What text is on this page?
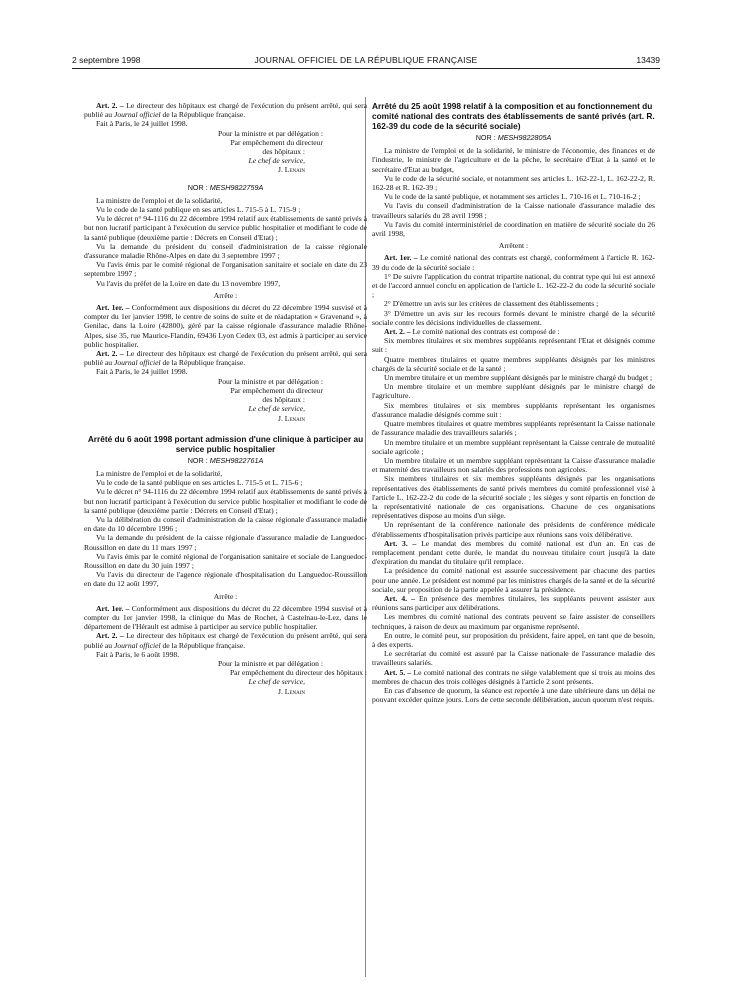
2 septembre 1998	JOURNAL OFFICIEL DE LA RÉPUBLIQUE FRANÇAISE	13439

Art. 2. – Le directeur des hôpitaux est chargé de l'exécution du présent arrêté, qui sera publié au Journal officiel de la République française.

Fait à Paris, le 24 juillet 1998.

Pour la ministre et par délégation :

Par empêchement du directeur

des hôpitaux :

Le chef de service,

J. Lenain

NOR : MESH9822759A

La ministre de l'emploi et de la solidarité,

Vu le code de la santé publique en ses articles L. 715-5 à L. 715-9 ;

Vu le décret n° 94-1116 du 22 décembre 1994 relatif aux établissements de santé privés à but non lucratif participant à l'exécution du service public hospitalier et modifiant le code de la santé publique (deuxième partie : Décrets en Conseil d'Etat) ;

Vu la demande du président du conseil d'administration de la caisse régionale d'assurance maladie Rhône-Alpes en date du 3 septembre 1997 ;

Vu l'avis émis par le comité régional de l'organisation sanitaire et sociale en date du 23 septembre 1997 ;

Vu l'avis du préfet de la Loire en date du 13 novembre 1997,

Arrête :

Art. 1er. – Conformément aux dispositions du décret du 22 décembre 1994 susvisé et à compter du 1er janvier 1998, le centre de soins de suite et de réadaptation « Gravenand », à Genilac, dans la Loire (42800), géré par la caisse régionale d'assurance maladie Rhône-Alpes, sise 35, rue Maurice-Flandin, 69436 Lyon Cedex 03, est admis à participer au service public hospitalier.

Art. 2. – Le directeur des hôpitaux est chargé de l'exécution du présent arrêté, qui sera publié au Journal officiel de la République française.

Fait à Paris, le 24 juillet 1998.

Pour la ministre et par délégation :

Par empêchement du directeur

des hôpitaux :

Le chef de service,

J. Lenain

Arrêté du 6 août 1998 portant admission d'une clinique à participer au service public hospitalier

NOR : MESH9822761A

La ministre de l'emploi et de la solidarité,

Vu le code de la santé publique en ses articles L. 715-5 et L. 715-6 ;

Vu le décret n° 94-1116 du 22 décembre 1994 relatif aux établissements de santé privés à but non lucratif participant à l'exécution du service public hospitalier et modifiant le code de la santé publique (deuxième partie : Décrets en Conseil d'Etat) ;

Vu la délibération du conseil d'administration de la caisse régionale d'assurance maladie en date du 10 décembre 1996 ;

Vu la demande du président de la caisse régionale d'assurance maladie de Languedoc-Roussillon en date du 11 mars 1997 ;

Vu l'avis émis par le comité régional de l'organisation sanitaire et sociale de Languedoc-Roussillon en date du 30 juin 1997 ;

Vu l'avis du directeur de l'agence régionale d'hospitalisation du Languedoc-Roussillon en date du 12 août 1997,

Arrête :

Art. 1er. – Conformément aux dispositions du décret du 22 décembre 1994 susvisé et à compter du 1er janvier 1998, la clinique du Mas de Rochet, à Castelnau-le-Lez, dans le département de l'Hérault est admise à participer au service public hospitalier.

Art. 2. – Le directeur des hôpitaux est chargé de l'exécution du présent arrêté, qui sera publié au Journal officiel de la République française.

Fait à Paris, le 6 août 1998.

Pour la ministre et par délégation :

Par empêchement du directeur des hôpitaux :

Le chef de service,

J. Lenain

Arrêté du 25 août 1998 relatif à la composition et au fonctionnement du comité national des contrats des établissements de santé privés (art. R. 162-39 du code de la sécurité sociale)

NOR : MESH9822805A

La ministre de l'emploi et de la solidarité, le ministre de l'économie, des finances et de l'industrie, le ministre de l'agriculture et de la pêche, le secrétaire d'Etat à la santé et le secrétaire d'Etat au budget,

Vu le code de la sécurité sociale, et notamment ses articles L. 162-22-1, L. 162-22-2, R. 162-28 et R. 162-39 ;

Vu le code de la santé publique, et notamment ses articles L. 710-16 et L. 710-16-2 ;

Vu l'avis du conseil d'administration de la Caisse nationale d'assurance maladie des travailleurs salariés du 28 avril 1998 ;

Vu l'avis du comité interministériel de coordination en matière de sécurité sociale du 26 avril 1998,

Arrêtent :

Art. 1er. – Le comité national des contrats est chargé, conformément à l'article R. 162-39 du code de la sécurité sociale :

1° De suivre l'application du contrat tripartite national, du contrat type qui lui est annexé et de l'accord annuel conclu en application de l'article L. 162-22-2 du code la sécurité sociale ;

2° D'émettre un avis sur les critères de classement des établissements ;

3° D'émettre un avis sur les recours formés devant le ministre chargé de la sécurité sociale contre les décisions individuelles de classement.

Art. 2. – Le comité national des contrats est composé de :

Six membres titulaires et six membres suppléants représentant l'Etat et désignés comme suit :

Quatre membres titulaires et quatre membres suppléants désignés par les ministres chargés de la sécurité sociale et de la santé ;

Un membre titulaire et un membre suppléant désignés par le ministre chargé du budget ;

Un membre titulaire et un membre suppléant désignés par le ministre chargé de l'agriculture.

Six membres titulaires et six membres suppléants représentant les organismes d'assurance maladie désignés comme suit :

Quatre membres titulaires et quatre membres suppléants représentant la Caisse nationale de l'assurance maladie des travailleurs salariés ;

Un membre titulaire et un membre suppléant représentant la Caisse centrale de mutualité sociale agricole ;

Un membre titulaire et un membre suppléant représentant la Caisse d'assurance maladie et maternité des travailleurs non salariés des professions non agricoles.

Six membres titulaires et six membres suppléants désignés par les organisations représentatives des établissements de santé privés membres du comité professionnel visé à l'article L. 162-22-2 du code de la sécurité sociale ; les sièges y sont répartis en fonction de la représentativité nationale de ces organisations. Chacune de ces organisations représentatives dispose au moins d'un siège.

Un représentant de la conférence nationale des présidents de conférence médicale d'établissements d'hospitalisation privés participe aux réunions sans voix délibérative.

Art. 3. – Le mandat des membres du comité national est d'un an. En cas de remplacement pendant cette durée, le mandat du nouveau titulaire court jusqu'à la date d'expiration du mandat du titulaire qu'il remplace.

La présidence du comité national est assurée successivement par chacune des parties pour une année. Le président est nommé par les ministres chargés de la santé et de la sécurité sociale, sur proposition de la partie appelée à assurer la présidence.

Art. 4. – En présence des membres titulaires, les suppléants peuvent assister aux réunions sans participer aux délibérations.

Les membres du comité national des contrats peuvent se faire assister de conseillers techniques, à raison de deux au maximum par organisme représenté.

En outre, le comité peut, sur proposition du président, faire appel, en tant que de besoin, à des experts.

Le secrétariat du comité est assuré par la Caisse nationale de l'assurance maladie des travailleurs salariés.

Art. 5. – Le comité national des contrats ne siège valablement que si trois au moins des membres de chacun des trois collèges désignés à l'article 2 sont présents.

En cas d'absence de quorum, la séance est reportée à une date ultérieure dans un délai ne pouvant excéder quinze jours. Lors de cette seconde délibération, aucun quorum n'est requis.
